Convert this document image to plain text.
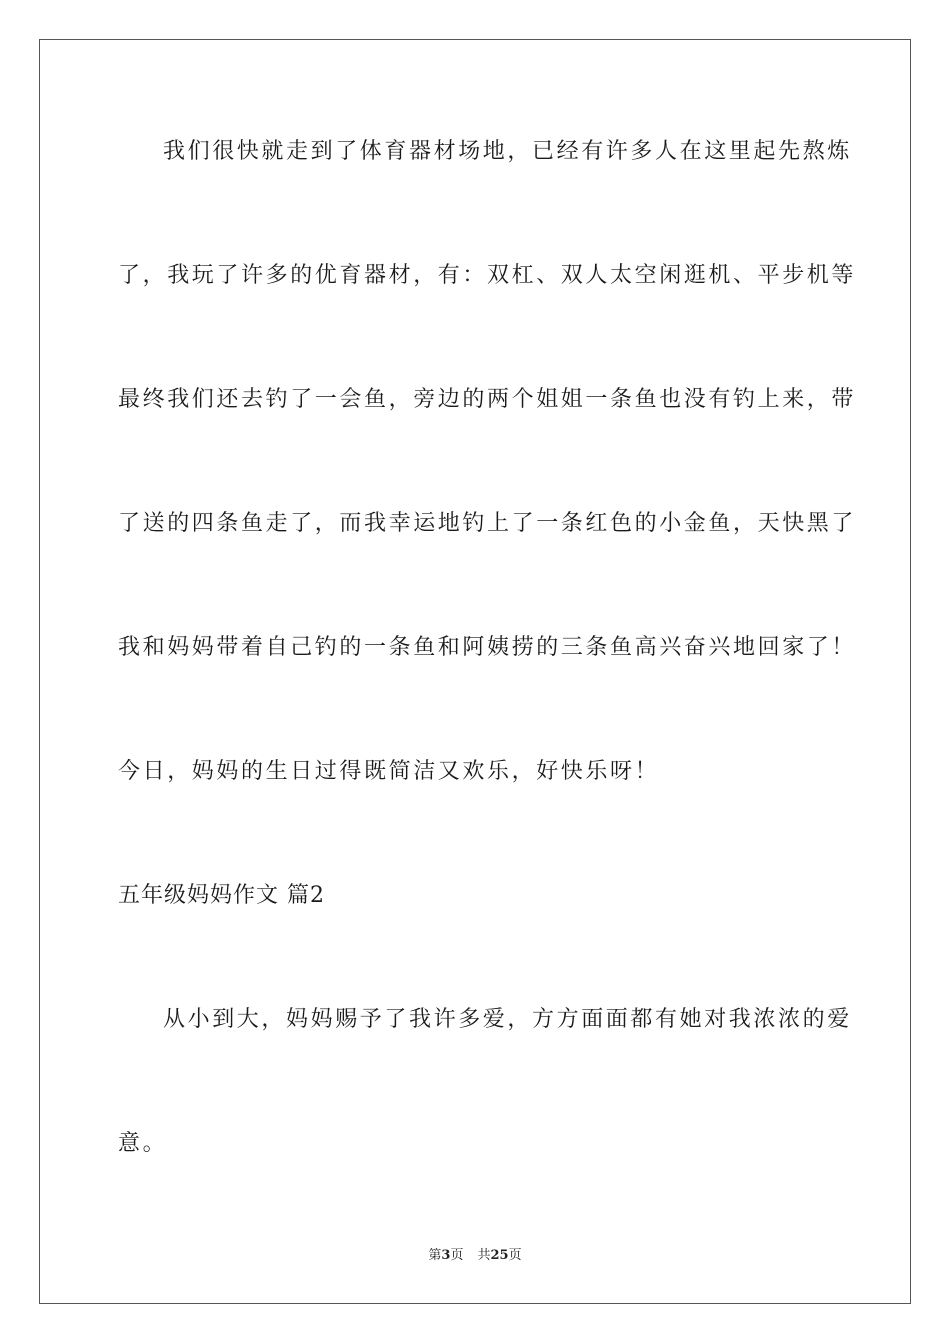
我们很快就走到了体育器材场地，已经有许多人在这里起先熬炼
了，我玩了许多的优育器材，有：双杠、双人太空闲逛机、平步机等
最终我们还去钓了一会鱼，旁边的两个姐姐一条鱼也没有钓上来，带
了送的四条鱼走了，而我幸运地钓上了一条红色的小金鱼，天快黑了
我和妈妈带着自己钓的一条鱼和阿姨捞的三条鱼高兴奋兴地回家了！
今日，妈妈的生日过得既简洁又欢乐，好快乐呀！
五年级妈妈作文 篇2
从小到大，妈妈赐予了我许多爱，方方面面都有她对我浓浓的爱
意。
第3页 共25页
